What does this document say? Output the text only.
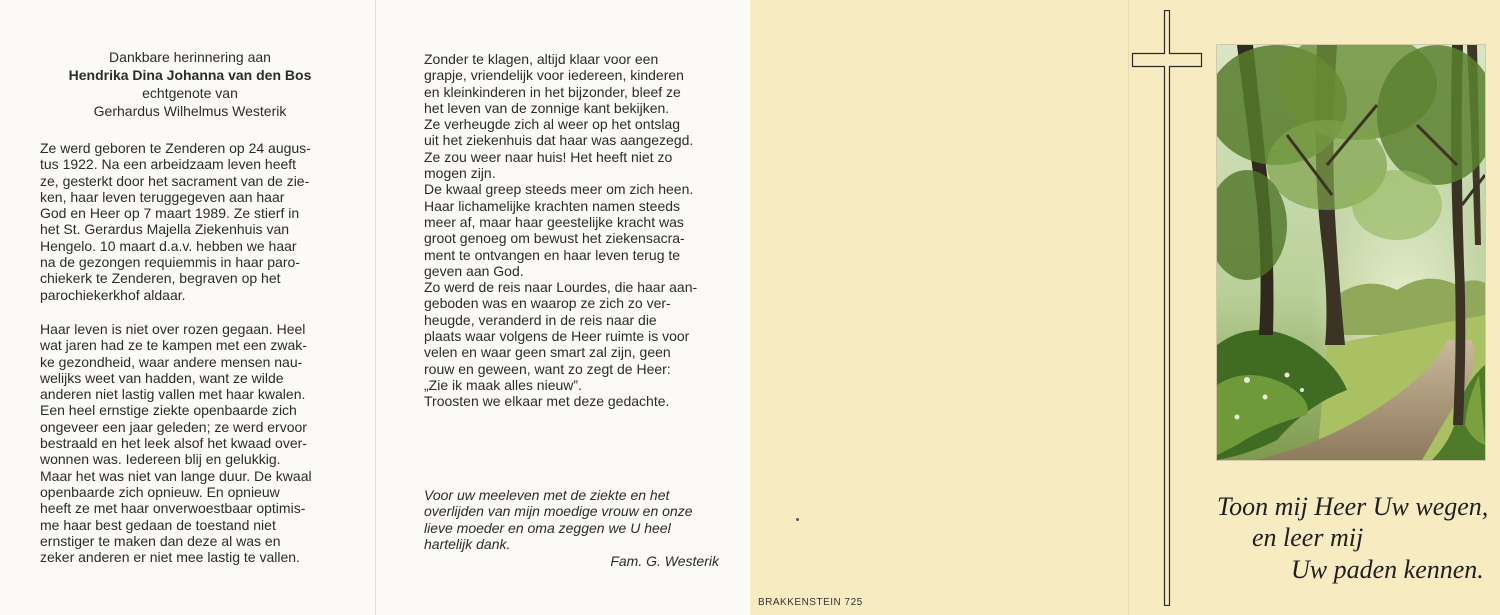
Dankbare herinnering aan
Hendrika Dina Johanna van den Bos
echtgenote van
Gerhardus Wilhelmus Westerik

Ze werd geboren te Zenderen op 24 augus-

tus 1922. Na een arbeidzaam leven heeft

ze, gesterkt door het sacrament van de zie-

ken, haar leven teruggegeven aan haar

God en Heer op 7 maart 1989. Ze stierf in

het St. Gerardus Majella Ziekenhuis van

Hengelo. 10 maart d.a.v. hebben we haar

na de gezongen requiemmis in haar paro-

chiekerk te Zenderen, begraven op het

parochiekerkhof aldaar.

Haar leven is niet over rozen gegaan. Heel

wat jaren had ze te kampen met een zwak-

ke gezondheid, waar andere mensen nau-

welijks weet van hadden, want ze wilde

anderen niet lastig vallen met haar kwalen.

Een heel ernstige ziekte openbaarde zich

ongeveer een jaar geleden; ze werd ervoor

bestraald en het leek alsof het kwaad over-

wonnen was. Iedereen blij en gelukkig.

Maar het was niet van lange duur. De kwaal

openbaarde zich opnieuw. En opnieuw

heeft ze met haar onverwoestbaar optimis-

me haar best gedaan de toestand niet

ernstiger te maken dan deze al was en

zeker anderen er niet mee lastig te vallen.

Zonder te klagen, altijd klaar voor een

grapje, vriendelijk voor iedereen, kinderen

en kleinkinderen in het bijzonder, bleef ze

het leven van de zonnige kant bekijken.

Ze verheugde zich al weer op het ontslag

uit het ziekenhuis dat haar was aangezegd.

Ze zou weer naar huis! Het heeft niet zo

mogen zijn.

De kwaal greep steeds meer om zich heen.

Haar lichamelijke krachten namen steeds

meer af, maar haar geestelijke kracht was

groot genoeg om bewust het ziekensacra-

ment te ontvangen en haar leven terug te

geven aan God.

Zo werd de reis naar Lourdes, die haar aan-

geboden was en waarop ze zich zo ver-

heugde, veranderd in de reis naar die

plaats waar volgens de Heer ruimte is voor

velen en waar geen smart zal zijn, geen

rouw en geween, want zo zegt de Heer:

„Zie ik maak alles nieuw”.

Troosten we elkaar met deze gedachte.

Voor uw meeleven met de ziekte en het
overlijden van mijn moedige vrouw en onze
lieve moeder en oma zeggen we U heel
hartelijk dank.
Fam. G. Westerik
BRAKKENSTEIN 725
Toon mij Heer Uw wegen,
en leer mij
Uw paden kennen.
